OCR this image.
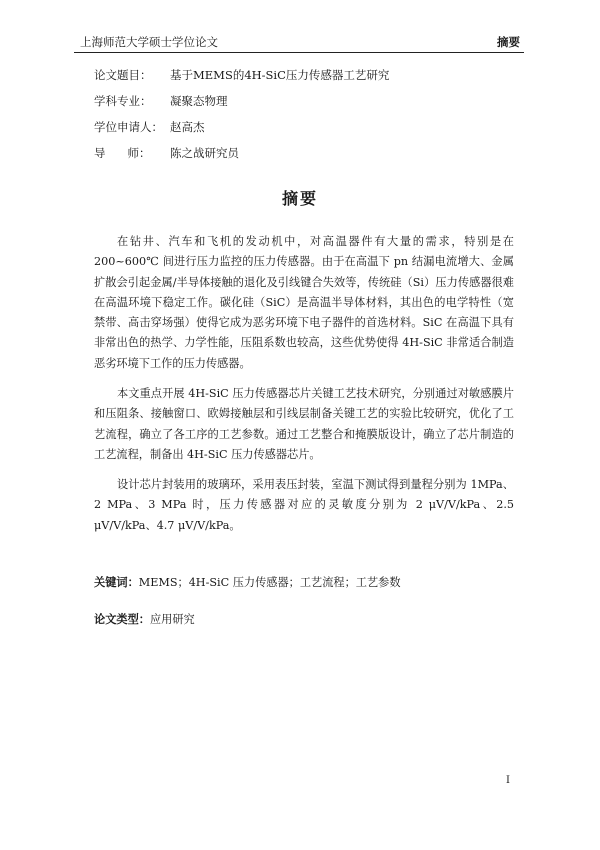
上海师范大学硕士学位论文	摘要
论文题目： 基于MEMS的4H-SiC压力传感器工艺研究
学科专业： 凝聚态物理
学位申请人： 赵高杰
导 师： 陈之战研究员
摘要

在钻井、汽车和飞机的发动机中，对高温器件有大量的需求，特别是在200~600℃ 间进行压力监控的压力传感器。由于在高温下 pn 结漏电流增大、金属扩散会引起金属/半导体接触的退化及引线键合失效等，传统硅（Si）压力传感器很难在高温环境下稳定工作。碳化硅（SiC）是高温半导体材料，其出色的电学特性（宽禁带、高击穿场强）使得它成为恶劣环境下电子器件的首选材料。SiC 在高温下具有非常出色的热学、力学性能，压阻系数也较高，这些优势使得 4H-SiC 非常适合制造恶劣环境下工作的压力传感器。

本文重点开展 4H-SiC 压力传感器芯片关键工艺技术研究，分别通过对敏感膜片和压阻条、接触窗口、欧姆接触层和引线层制备关键工艺的实验比较研究，优化了工艺流程，确立了各工序的工艺参数。通过工艺整合和掩膜版设计，确立了芯片制造的工艺流程，制备出 4H-SiC 压力传感器芯片。

设计芯片封装用的玻璃环，采用表压封装，室温下测试得到量程分别为 1MPa、2 MPa、3 MPa 时，压力传感器对应的灵敏度分别为 2 μV/V/kPa、2.5 μV/V/kPa、4.7 μV/V/kPa。

关键词：MEMS；4H-SiC 压力传感器；工艺流程；工艺参数
论文类型：应用研究
I
